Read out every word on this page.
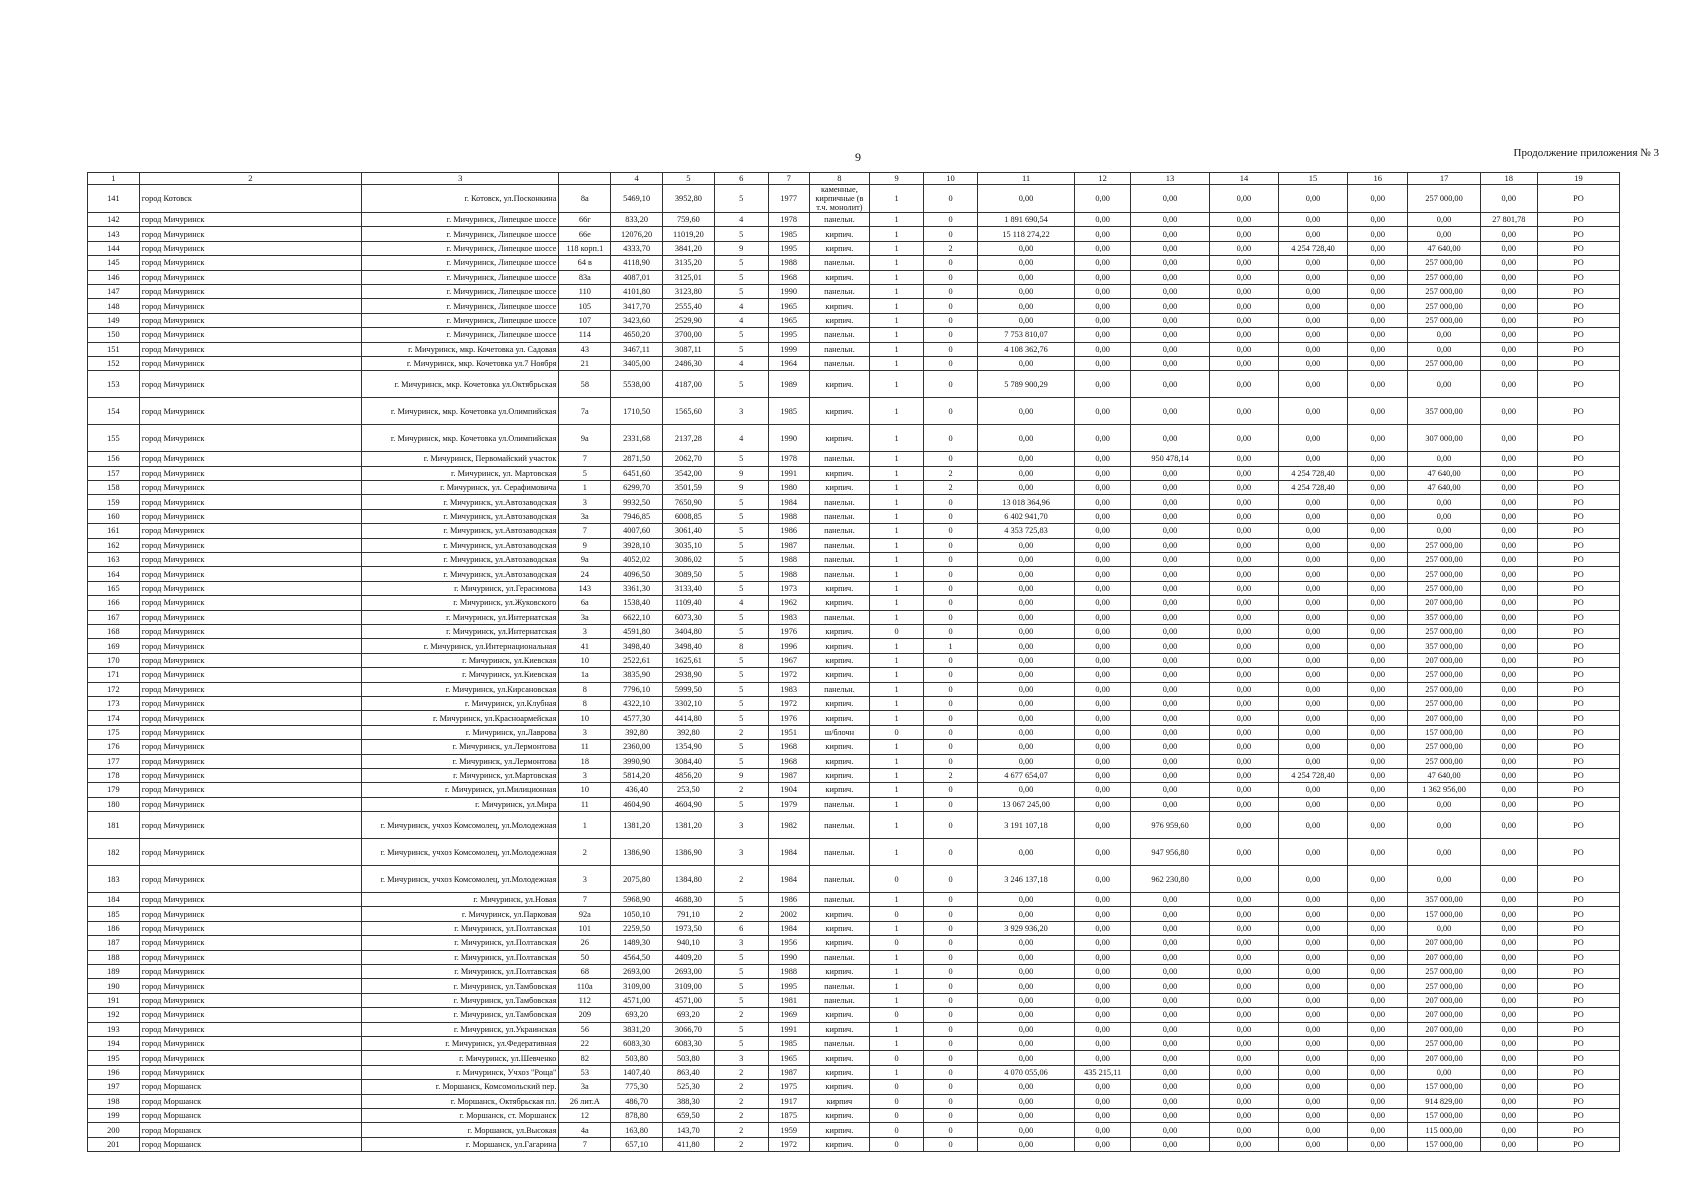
9	Продолжение приложения № 3
1	2	3		4	5	6	7	8	9	10	11	12	13	14	15	16	17	18	19
141	город Котовск	г. Котовск, ул.Посконкина	8а	5469,10	3952,80	5	1977	каменные, кирпичные (в т.ч. монолит)	1	0	0,00	0,00	0,00	0,00	0,00	0,00	257 000,00	0,00	РО
142	город Мичуринск	г. Мичуринск, Липецкое шоссе	66г	833,20	759,60	4	1978	панельн.	1	0	1 891 690,54	0,00	0,00	0,00	0,00	0,00	0,00	27 801,78	РО
143	город Мичуринск	г. Мичуринск, Липецкое шоссе	66е	12076,20	11019,20	5	1985	кирпич.	1	0	15 118 274,22	0,00	0,00	0,00	0,00	0,00	0,00	0,00	РО
144	город Мичуринск	г. Мичуринск, Липецкое шоссе	118 корп.1	4333,70	3841,20	9	1995	кирпич.	1	2	0,00	0,00	0,00	0,00	4 254 728,40	0,00	47 640,00	0,00	РО
145	город Мичуринск	г. Мичуринск, Липецкое шоссе	64 в	4118,90	3135,20	5	1988	панельн.	1	0	0,00	0,00	0,00	0,00	0,00	0,00	257 000,00	0,00	РО
146	город Мичуринск	г. Мичуринск, Липецкое шоссе	83а	4087,01	3125,01	5	1968	кирпич.	1	0	0,00	0,00	0,00	0,00	0,00	0,00	257 000,00	0,00	РО
147	город Мичуринск	г. Мичуринск, Липецкое шоссе	110	4101,80	3123,80	5	1990	панельн.	1	0	0,00	0,00	0,00	0,00	0,00	0,00	257 000,00	0,00	РО
148	город Мичуринск	г. Мичуринск, Липецкое шоссе	105	3417,70	2555,40	4	1965	кирпич.	1	0	0,00	0,00	0,00	0,00	0,00	0,00	257 000,00	0,00	РО
149	город Мичуринск	г. Мичуринск, Липецкое шоссе	107	3423,60	2529,90	4	1965	кирпич.	1	0	0,00	0,00	0,00	0,00	0,00	0,00	257 000,00	0,00	РО
150	город Мичуринск	г. Мичуринск, Липецкое шоссе	114	4650,20	3700,00	5	1995	панельн.	1	0	7 753 810,07	0,00	0,00	0,00	0,00	0,00	0,00	0,00	РО
151	город Мичуринск	г. Мичуринск, мкр. Кочетовка ул. Садовая	43	3467,11	3087,11	5	1999	панельн.	1	0	4 108 362,76	0,00	0,00	0,00	0,00	0,00	0,00	0,00	РО
152	город Мичуринск	г. Мичуринск, мкр. Кочетовка ул.7 Ноября	21	3405,00	2486,30	4	1964	панельн.	1	0	0,00	0,00	0,00	0,00	0,00	0,00	257 000,00	0,00	РО
153	город Мичуринск	г. Мичуринск, мкр. Кочетовка ул.Октябрьская	58	5538,00	4187,00	5	1989	кирпич.	1	0	5 789 900,29	0,00	0,00	0,00	0,00	0,00	0,00	0,00	РО
154	город Мичуринск	г. Мичуринск, мкр. Кочетовка ул.Олимпийская	7а	1710,50	1565,60	3	1985	кирпич.	1	0	0,00	0,00	0,00	0,00	0,00	0,00	357 000,00	0,00	РО
155	город Мичуринск	г. Мичуринск, мкр. Кочетовка ул.Олимпийская	9а	2331,68	2137,28	4	1990	кирпич.	1	0	0,00	0,00	0,00	0,00	0,00	0,00	307 000,00	0,00	РО
156	город Мичуринск	г. Мичуринск, Первомайский участок	7	2871,50	2062,70	5	1978	панельн.	1	0	0,00	0,00	950 478,14	0,00	0,00	0,00	0,00	0,00	РО
157	город Мичуринск	г. Мичуринск, ул. Мартовская	5	6451,60	3542,00	9	1991	кирпич.	1	2	0,00	0,00	0,00	0,00	4 254 728,40	0,00	47 640,00	0,00	РО
158	город Мичуринск	г. Мичуринск, ул. Серафимовича	1	6299,70	3501,59	9	1980	кирпич.	1	2	0,00	0,00	0,00	0,00	4 254 728,40	0,00	47 640,00	0,00	РО
159	город Мичуринск	г. Мичуринск, ул.Автозаводская	3	9932,50	7650,90	5	1984	панельн.	1	0	13 018 364,96	0,00	0,00	0,00	0,00	0,00	0,00	0,00	РО
160	город Мичуринск	г. Мичуринск, ул.Автозаводская	3а	7946,85	6008,85	5	1988	панельн.	1	0	6 402 941,70	0,00	0,00	0,00	0,00	0,00	0,00	0,00	РО
161	город Мичуринск	г. Мичуринск, ул.Автозаводская	7	4007,60	3061,40	5	1986	панельн.	1	0	4 353 725,83	0,00	0,00	0,00	0,00	0,00	0,00	0,00	РО
162	город Мичуринск	г. Мичуринск, ул.Автозаводская	9	3928,10	3035,10	5	1987	панельн.	1	0	0,00	0,00	0,00	0,00	0,00	0,00	257 000,00	0,00	РО
163	город Мичуринск	г. Мичуринск, ул.Автозаводская	9а	4052,02	3086,02	5	1988	панельн.	1	0	0,00	0,00	0,00	0,00	0,00	0,00	257 000,00	0,00	РО
164	город Мичуринск	г. Мичуринск, ул.Автозаводская	24	4096,50	3089,50	5	1988	панельн.	1	0	0,00	0,00	0,00	0,00	0,00	0,00	257 000,00	0,00	РО
165	город Мичуринск	г. Мичуринск, ул.Герасимова	143	3361,30	3133,40	5	1973	кирпич.	1	0	0,00	0,00	0,00	0,00	0,00	0,00	257 000,00	0,00	РО
166	город Мичуринск	г. Мичуринск, ул.Жуковского	6а	1538,40	1109,40	4	1962	кирпич.	1	0	0,00	0,00	0,00	0,00	0,00	0,00	207 000,00	0,00	РО
167	город Мичуринск	г. Мичуринск, ул.Интернатская	3а	6622,10	6073,30	5	1983	панельн.	1	0	0,00	0,00	0,00	0,00	0,00	0,00	357 000,00	0,00	РО
168	город Мичуринск	г. Мичуринск, ул.Интернатская	3	4591,80	3404,80	5	1976	кирпич.	0	0	0,00	0,00	0,00	0,00	0,00	0,00	257 000,00	0,00	РО
169	город Мичуринск	г. Мичуринск, ул.Интернациональная	41	3498,40	3498,40	8	1996	кирпич.	1	1	0,00	0,00	0,00	0,00	0,00	0,00	357 000,00	0,00	РО
170	город Мичуринск	г. Мичуринск, ул.Киевская	10	2522,61	1625,61	5	1967	кирпич.	1	0	0,00	0,00	0,00	0,00	0,00	0,00	207 000,00	0,00	РО
171	город Мичуринск	г. Мичуринск, ул.Киевская	1а	3835,90	2938,90	5	1972	кирпич.	1	0	0,00	0,00	0,00	0,00	0,00	0,00	257 000,00	0,00	РО
172	город Мичуринск	г. Мичуринск, ул.Кирсановская	8	7796,10	5999,50	5	1983	панельн.	1	0	0,00	0,00	0,00	0,00	0,00	0,00	257 000,00	0,00	РО
173	город Мичуринск	г. Мичуринск, ул.Клубная	8	4322,10	3302,10	5	1972	кирпич.	1	0	0,00	0,00	0,00	0,00	0,00	0,00	257 000,00	0,00	РО
174	город Мичуринск	г. Мичуринск, ул.Красноармейская	10	4577,30	4414,80	5	1976	кирпич.	1	0	0,00	0,00	0,00	0,00	0,00	0,00	207 000,00	0,00	РО
175	город Мичуринск	г. Мичуринск, ул.Лаврова	3	392,80	392,80	2	1951	ш/блочн	0	0	0,00	0,00	0,00	0,00	0,00	0,00	157 000,00	0,00	РО
176	город Мичуринск	г. Мичуринск, ул.Лермонтова	11	2360,00	1354,90	5	1968	кирпич.	1	0	0,00	0,00	0,00	0,00	0,00	0,00	257 000,00	0,00	РО
177	город Мичуринск	г. Мичуринск, ул.Лермонтова	18	3990,90	3084,40	5	1968	кирпич.	1	0	0,00	0,00	0,00	0,00	0,00	0,00	257 000,00	0,00	РО
178	город Мичуринск	г. Мичуринск, ул.Мартовская	3	5814,20	4856,20	9	1987	кирпич.	1	2	4 677 654,07	0,00	0,00	0,00	4 254 728,40	0,00	47 640,00	0,00	РО
179	город Мичуринск	г. Мичуринск, ул.Милиционная	10	436,40	253,50	2	1904	кирпич.	1	0	0,00	0,00	0,00	0,00	0,00	0,00	1 362 956,00	0,00	РО
180	город Мичуринск	г. Мичуринск, ул.Мира	11	4604,90	4604,90	5	1979	панельн.	1	0	13 067 245,00	0,00	0,00	0,00	0,00	0,00	0,00	0,00	РО
181	город Мичуринск	г. Мичуринск, учхоз Комсомолец, ул.Молодежная	1	1381,20	1381,20	3	1982	панельн.	1	0	3 191 107,18	0,00	976 959,60	0,00	0,00	0,00	0,00	0,00	РО
182	город Мичуринск	г. Мичуринск, учхоз Комсомолец, ул.Молодежная	2	1386,90	1386,90	3	1984	панельн.	1	0	0,00	0,00	947 956,80	0,00	0,00	0,00	0,00	0,00	РО
183	город Мичуринск	г. Мичуринск, учхоз Комсомолец, ул.Молодежная	3	2075,80	1384,80	2	1984	панельн.	0	0	3 246 137,18	0,00	962 230,80	0,00	0,00	0,00	0,00	0,00	РО
184	город Мичуринск	г. Мичуринск, ул.Новая	7	5968,90	4688,30	5	1986	панельн.	1	0	0,00	0,00	0,00	0,00	0,00	0,00	357 000,00	0,00	РО
185	город Мичуринск	г. Мичуринск, ул.Парковая	92а	1050,10	791,10	2	2002	кирпич.	0	0	0,00	0,00	0,00	0,00	0,00	0,00	157 000,00	0,00	РО
186	город Мичуринск	г. Мичуринск, ул.Полтавская	101	2259,50	1973,50	6	1984	кирпич.	1	0	3 929 936,20	0,00	0,00	0,00	0,00	0,00	0,00	0,00	РО
187	город Мичуринск	г. Мичуринск, ул.Полтавская	26	1489,30	940,10	3	1956	кирпич.	0	0	0,00	0,00	0,00	0,00	0,00	0,00	207 000,00	0,00	РО
188	город Мичуринск	г. Мичуринск, ул.Полтавская	50	4564,50	4409,20	5	1990	панельн.	1	0	0,00	0,00	0,00	0,00	0,00	0,00	207 000,00	0,00	РО
189	город Мичуринск	г. Мичуринск, ул.Полтавская	68	2693,00	2693,00	5	1988	кирпич.	1	0	0,00	0,00	0,00	0,00	0,00	0,00	257 000,00	0,00	РО
190	город Мичуринск	г. Мичуринск, ул.Тамбовская	110а	3109,00	3109,00	5	1995	панельн.	1	0	0,00	0,00	0,00	0,00	0,00	0,00	257 000,00	0,00	РО
191	город Мичуринск	г. Мичуринск, ул.Тамбовская	112	4571,00	4571,00	5	1981	панельн.	1	0	0,00	0,00	0,00	0,00	0,00	0,00	207 000,00	0,00	РО
192	город Мичуринск	г. Мичуринск, ул.Тамбовская	209	693,20	693,20	2	1969	кирпич.	0	0	0,00	0,00	0,00	0,00	0,00	0,00	207 000,00	0,00	РО
193	город Мичуринск	г. Мичуринск, ул.Украинская	56	3831,20	3066,70	5	1991	кирпич.	1	0	0,00	0,00	0,00	0,00	0,00	0,00	207 000,00	0,00	РО
194	город Мичуринск	г. Мичуринск, ул.Федеративная	22	6083,30	6083,30	5	1985	панельн.	1	0	0,00	0,00	0,00	0,00	0,00	0,00	257 000,00	0,00	РО
195	город Мичуринск	г. Мичуринск, ул.Шевченко	82	503,80	503,80	3	1965	кирпич.	0	0	0,00	0,00	0,00	0,00	0,00	0,00	207 000,00	0,00	РО
196	город Мичуринск	г. Мичуринск, Учхоз "Роща"	53	1407,40	863,40	2	1987	кирпич.	1	0	4 070 055,06	435 215,11	0,00	0,00	0,00	0,00	0,00	0,00	РО
197	город Моршанск	г. Моршанск, Комсомольский пер.	3а	775,30	525,30	2	1975	кирпич.	0	0	0,00	0,00	0,00	0,00	0,00	0,00	157 000,00	0,00	РО
198	город Моршанск	г. Моршанск, Октябрьская пл.	26 лит.А	486,70	388,30	2	1917	кирпич	0	0	0,00	0,00	0,00	0,00	0,00	0,00	914 829,00	0,00	РО
199	город Моршанск	г. Моршанск, ст. Моршанск	12	878,80	659,50	2	1875	кирпич.	0	0	0,00	0,00	0,00	0,00	0,00	0,00	157 000,00	0,00	РО
200	город Моршанск	г. Моршанск, ул.Высокая	4а	163,80	143,70	2	1959	кирпич.	0	0	0,00	0,00	0,00	0,00	0,00	0,00	115 000,00	0,00	РО
201	город Моршанск	г. Моршанск, ул.Гагарина	7	657,10	411,80	2	1972	кирпич.	0	0	0,00	0,00	0,00	0,00	0,00	0,00	157 000,00	0,00	РО
